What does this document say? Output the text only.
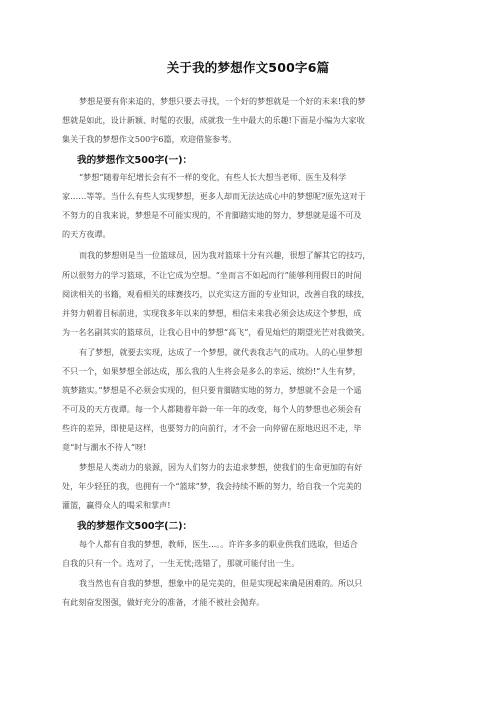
关于我的梦想作文500字6篇
梦想是要有你来追的，梦想只要去寻找，一个好的梦想就是一个好的未来!我的梦
想就是如此，设计新颖、时髦的衣服，成就我一生中最大的乐趣!下面是小编为大家收
集关于我的梦想作文500字6篇，欢迎借鉴参考。
我的梦想作文500字(一)：
“梦想”随着年纪增长会有不一样的变化，有些人长大想当老师、医生及科学
家……等等。当什么有些人实现梦想，更多人却而无法达成心中的梦想呢?原先这对于
不努力的自我来说，梦想是不可能实现的，不肯脚踏实地的努力，梦想就是遥不可及
的天方夜谭。
而我的梦想则是当一位篮球员，因为我对篮球十分有兴趣，很想了解其它的技巧，
所以很努力的学习篮球，不让它成为空想。“坐而言不如起而行”能够利用假日的时间
阅读相关的书籍，观看相关的球赛技巧，以充实这方面的专业知识，改善自我的球技，
并努力朝着目标前进，实现我多年以来的梦想，相信未来我必须会达成这个梦想，成
为一名名副其实的篮球员，让我心目中的梦想“高飞”，看见灿烂的期望光芒对我微笑。
有了梦想，就要去实现，达成了一个梦想，就代表我志气的成功。人的心里梦想
不只一个，如果梦想全部达成，那么我的人生将会是多么的幸运、缤纷!“人生有梦，
筑梦踏实。”梦想是不必须会实现的，但只要肯脚踏实地的努力，梦想就不会是一个遥
不可及的天方夜谭。每一个人都随着年龄一年一年的改变，每个人的梦想也必须会有
些许的差异，即使是这样，也要努力的向前行，才不会一向停留在原地迟迟不走，毕
竟“时与潮水不待人”呀!
梦想是人类动力的泉源，因为人们努力的去追求梦想，使我们的生命更加的有好
处，年少轻狂的我，也拥有一个“篮球”梦，我会持续不断的努力，给自我一个完美的
灌篮，赢得众人的喝采和掌声!
我的梦想作文500字(二)：
每个人都有自我的梦想，教师，医生...。。许许多多的职业供我们选取，但适合
自我的只有一个。选对了，一生无忧;选错了，那就可能付出一生。
我当然也有自我的梦想，想象中的是完美的，但是实现起来确是困难的。所以只
有此刻奋发图强，做好充分的准备，才能不被社会抛弃。
